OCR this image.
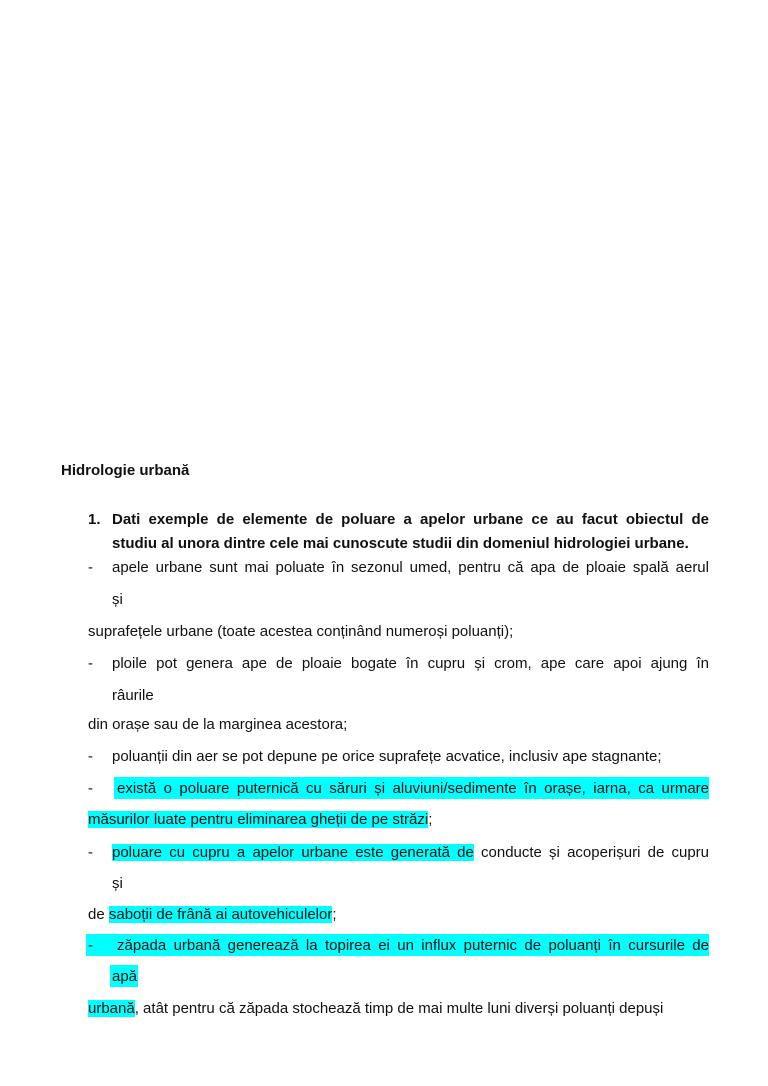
Hidrologie urbană
1. Dati exemple de elemente de poluare a apelor urbane ce au facut obiectul de
studiu al unora dintre cele mai cunoscute studii din domeniul hidrologiei urbane.
- apele urbane sunt mai poluate în sezonul umed, pentru că apa de ploaie spală aerul
și
suprafețele urbane (toate acestea conținând numeroși poluanți);
- ploile pot genera ape de ploaie bogate în cupru și crom, ape care apoi ajung în
râurile
din orașe sau de la marginea acestora;
- poluanții din aer se pot depune pe orice suprafețe acvatice, inclusiv ape stagnante;
- există o poluare puternică cu săruri și aluviuni/sedimente în orașe, iarna, ca urmare
măsurilor luate pentru eliminarea gheții de pe străzi;
- poluare cu cupru a apelor urbane este generată de conducte și acoperișuri de cupru
și
de saboții de frână ai autovehiculelor;
- zăpada urbană generează la topirea ei un influx puternic de poluanți în cursurile de
apă
urbană, atât pentru că zăpada stochează timp de mai multe luni diverși poluanți depuși
